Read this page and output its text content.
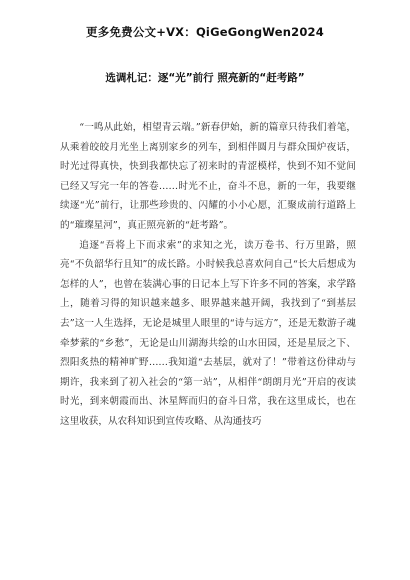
更多免费公文+VX：QiGeGongWen2024
选调札记：逐“光”前行 照亮新的“赶考路”

“一鸣从此始，相望青云端。”新春伊始，新的篇章只待我们着笔，从乘着皎皎月光坐上离别家乡的列车，到相伴圆月与群众围炉夜话，时光过得真快，快到我都快忘了初来时的青涩模样，快到不知不觉间已经又写完一年的答卷……时光不止，奋斗不息，新的一年，我要继续逐“光”前行，让那些珍贵的、闪耀的小小心愿，汇聚成前行道路上的“璀璨星河”，真正照亮新的“赶考路”。

追逐“吾将上下而求索”的求知之光，读万卷书、行万里路，照亮“不负韶华行且知”的成长路。小时候我总喜欢问自己“长大后想成为怎样的人”，也曾在装满心事的日记本上写下许多不同的答案，求学路上，随着习得的知识越来越多、眼界越来越开阔，我找到了“到基层去”这一人生选择，无论是城里人眼里的“诗与远方”，还是无数游子魂牵梦萦的“乡愁”，无论是山川湖海共绘的山水田园，还是星辰之下、烈阳炙热的精神旷野……我知道“去基层，就对了！”带着这份律动与期许，我来到了初入社会的“第一站”，从相伴“朗朗月光”开启的夜读时光，到来朝霞而出、沐星辉而归的奋斗日常，我在这里成长，也在这里收获，从农科知识到宣传攻略、从沟通技巧
